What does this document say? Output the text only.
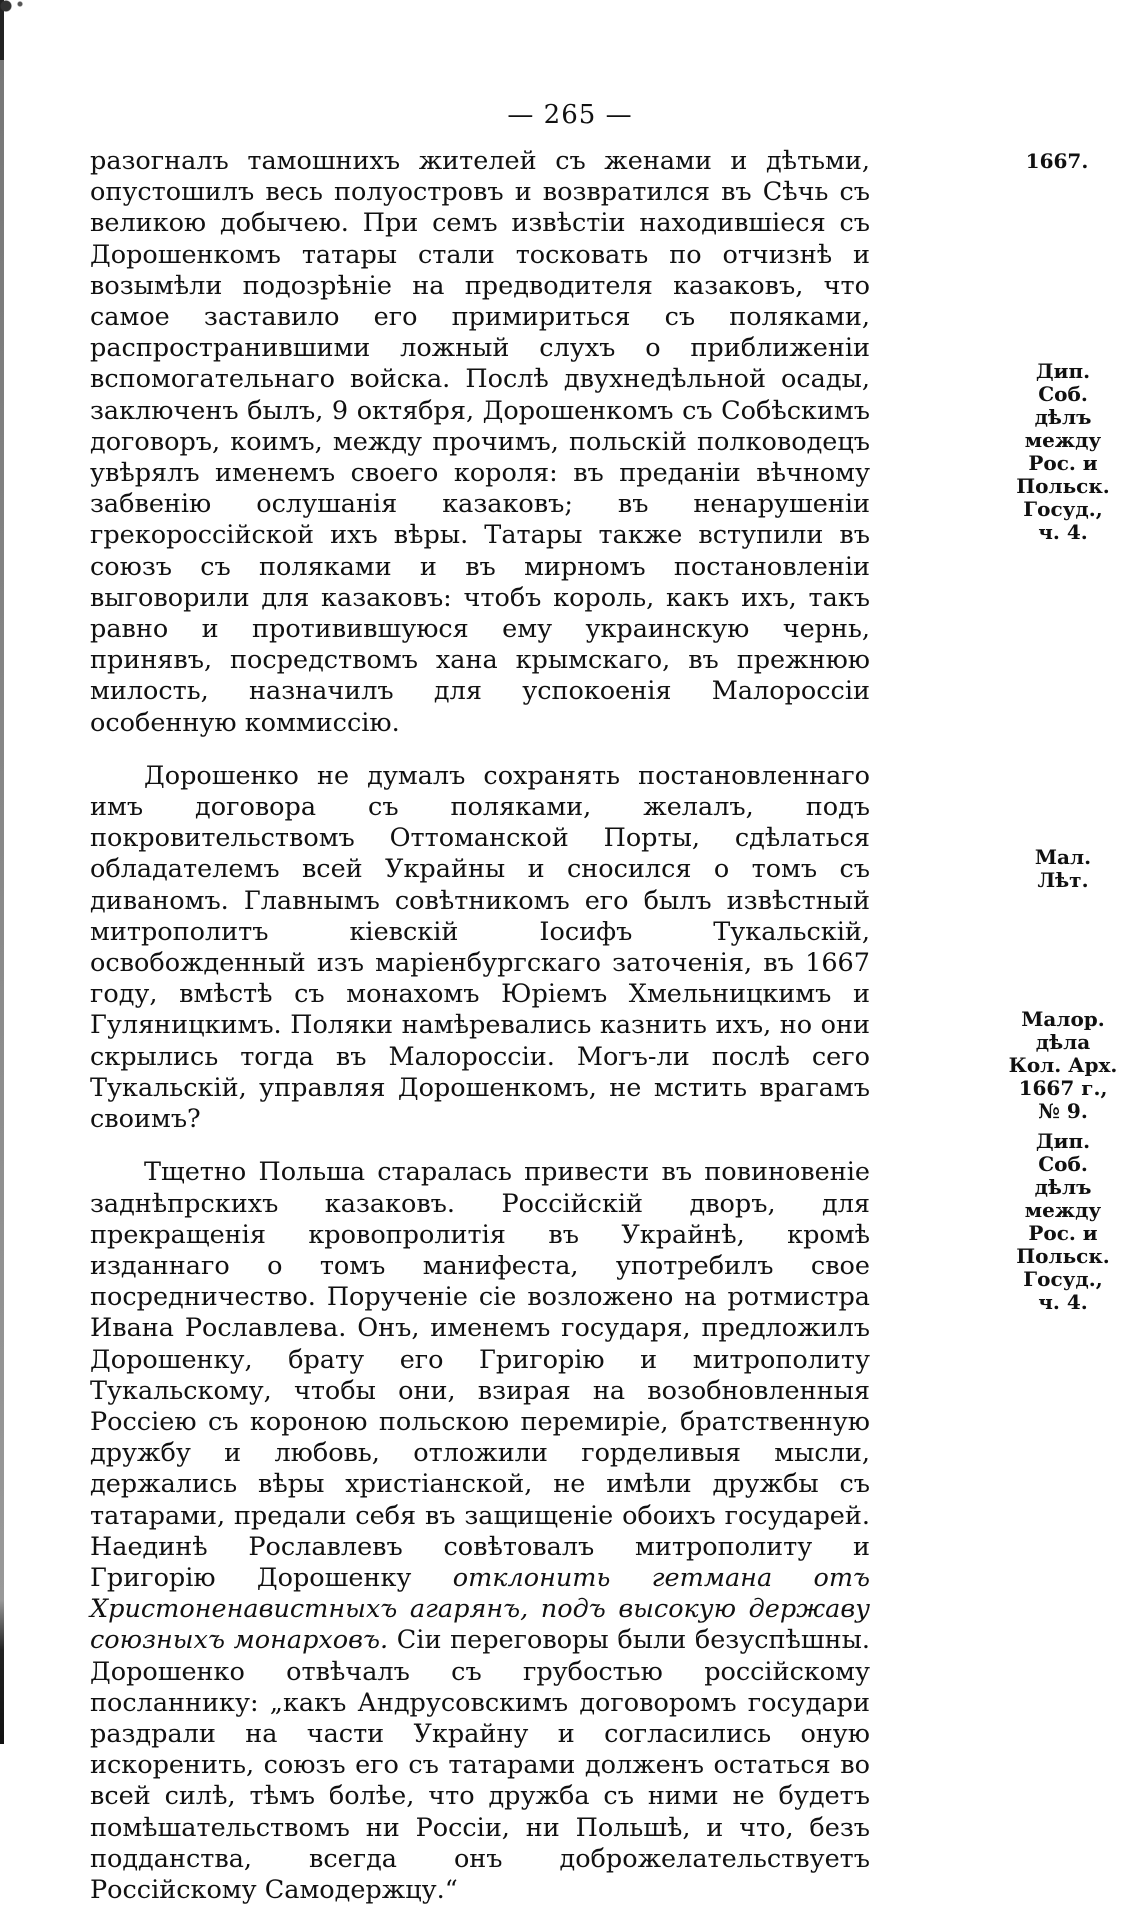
— 265 —

разогналъ тамошнихъ жителей съ женами и дѣтьми, опустошилъ весь полуостровъ и возвратился въ Сѣчь съ великою добычею. При семъ извѣстіи находившіеся съ Дорошенкомъ татары стали тосковать по отчизнѣ и возымѣли подозрѣніе на предводителя казаковъ, что самое заставило его примириться съ поляками, распространившими ложный слухъ о приближеніи вспомогательнаго войска. Послѣ двухнедѣльной осады, заключенъ былъ, 9 октября, Дорошенкомъ съ Собѣскимъ договоръ, коимъ, между прочимъ, польскій полководецъ увѣрялъ именемъ своего короля: въ преданіи вѣчному забвенію ослушанія казаковъ; въ ненарушеніи грекороссійской ихъ вѣры. Татары также вступили въ союзъ съ поляками и въ мирномъ постановленіи выговорили для казаковъ: чтобъ король, какъ ихъ, такъ равно и противившуюся ему украинскую чернь, принявъ, посредствомъ хана крымскаго, въ прежнюю милость, назначилъ для успокоенія Малороссіи особенную коммиссію.

Дорошенко не думалъ сохранять постановленнаго имъ договора съ поляками, желалъ, подъ покровительствомъ Оттоманской Порты, сдѣлаться обладателемъ всей Украйны и сносился о томъ съ диваномъ. Главнымъ совѣтникомъ его былъ извѣстный митрополитъ кіевскій Іосифъ Тукальскій, освобожденный изъ маріенбургскаго заточенія, въ 1667 году, вмѣстѣ съ монахомъ Юріемъ Хмельницкимъ и Гуляницкимъ. Поляки намѣревались казнить ихъ, но они скрылись тогда въ Малороссіи. Могъ-ли послѣ сего Тукальскій, управляя Дорошенкомъ, не мстить врагамъ своимъ?

Тщетно Польша старалась привести въ повиновеніе заднѣпрскихъ казаковъ. Россійскій дворъ, для прекращенія кровопролитія въ Украйнѣ, кромѣ изданнаго о томъ манифеста, употребилъ свое посредничество. Порученіе сіе возложено на ротмистра Ивана Рославлева. Онъ, именемъ государя, предложилъ Дорошенку, брату его Григорію и митрополиту Тукальскому, чтобы они, взирая на возобновленныя Россіею съ короною польскою перемиріе, братственную дружбу и любовь, отложили горделивыя мысли, держались вѣры христіанской, не имѣли дружбы съ татарами, предали себя въ защищеніе обоихъ государей. Наединѣ Рославлевъ совѣтовалъ митрополиту и Григорію Дорошенку отклонить гетмана отъ Христоненавистныхъ агарянъ, подъ высокую державу союзныхъ монарховъ. Сіи переговоры были безуспѣшны. Дорошенко отвѣчалъ съ грубостью россійскому посланнику: „какъ Андрусовскимъ договоромъ государи раздрали на части Украйну и согласились оную искоренить, союзъ его съ татарами долженъ остаться во всей силѣ, тѣмъ болѣе, что дружба съ ними не будетъ помѣшательствомъ ни Россіи, ни Польшѣ, и что, безъ подданства, всегда онъ доброжелательствуетъ Россійскому Самодержцу.“

1667.
Дип. Соб.
дѣлъ
между
Рос. и
Польск.
Госуд.,
ч. 4.
Мал. Лѣт.
Малор.
дѣла
Кол. Арх.
1667 г.,
№ 9.
Дип. Соб.
дѣлъ
между
Рос. и
Польск.
Госуд.,
ч. 4.
